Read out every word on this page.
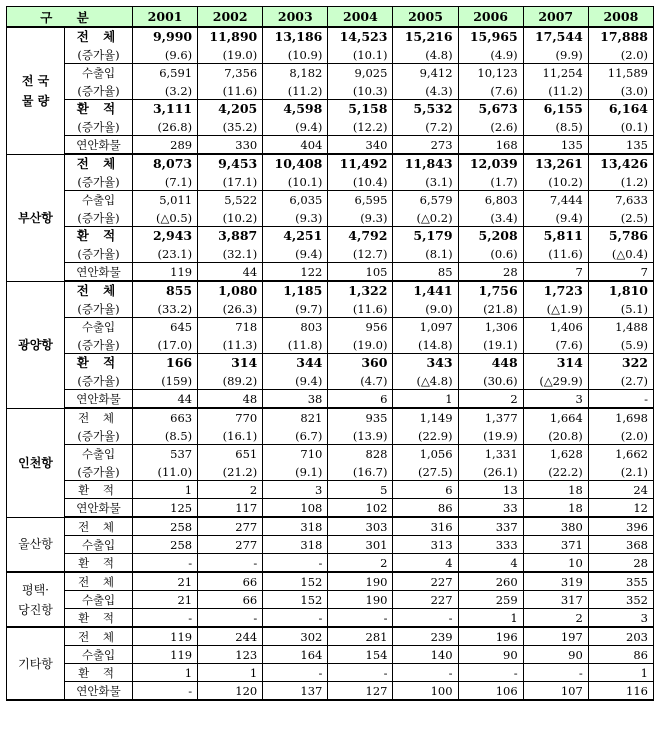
구 분		2001	2002	2003	2004	2005	2006	2007	2008
전 국
물 량	전 체	9,990	11,890	13,186	14,523	15,216	15,965	17,544	17,888
	(증가율)	(9.6)	(19.0)	(10.9)	(10.1)	(4.8)	(4.9)	(9.9)	(2.0)
	수출입	6,591	7,356	8,182	9,025	9,412	10,123	11,254	11,589
	(증가율)	(3.2)	(11.6)	(11.2)	(10.3)	(4.3)	(7.6)	(11.2)	(3.0)
	환 적	3,111	4,205	4,598	5,158	5,532	5,673	6,155	6,164
	(증가율)	(26.8)	(35.2)	(9.4)	(12.2)	(7.2)	(2.6)	(8.5)	(0.1)
	연안화물	289	330	404	340	273	168	135	135
부산항	전 체	8,073	9,453	10,408	11,492	11,843	12,039	13,261	13,426
	(증가율)	(7.1)	(17.1)	(10.1)	(10.4)	(3.1)	(1.7)	(10.2)	(1.2)
	수출입	5,011	5,522	6,035	6,595	6,579	6,803	7,444	7,633
	(증가율)	(△0.5)	(10.2)	(9.3)	(9.3)	(△0.2)	(3.4)	(9.4)	(2.5)
	환 적	2,943	3,887	4,251	4,792	5,179	5,208	5,811	5,786
	(증가율)	(23.1)	(32.1)	(9.4)	(12.7)	(8.1)	(0.6)	(11.6)	(△0.4)
	연안화물	119	44	122	105	85	28	7	7
광양항	전 체	855	1,080	1,185	1,322	1,441	1,756	1,723	1,810
	(증가율)	(33.2)	(26.3)	(9.7)	(11.6)	(9.0)	(21.8)	(△1.9)	(5.1)
	수출입	645	718	803	956	1,097	1,306	1,406	1,488
	(증가율)	(17.0)	(11.3)	(11.8)	(19.0)	(14.8)	(19.1)	(7.6)	(5.9)
	환 적	166	314	344	360	343	448	314	322
	(증가율)	(159)	(89.2)	(9.4)	(4.7)	(△4.8)	(30.6)	(△29.9)	(2.7)
	연안화물	44	48	38	6	1	2	3	-
인천항	전 체	663	770	821	935	1,149	1,377	1,664	1,698
	(증가율)	(8.5)	(16.1)	(6.7)	(13.9)	(22.9)	(19.9)	(20.8)	(2.0)
	수출입	537	651	710	828	1,056	1,331	1,628	1,662
	(증가율)	(11.0)	(21.2)	(9.1)	(16.7)	(27.5)	(26.1)	(22.2)	(2.1)
	환 적	1	2	3	5	6	13	18	24
	연안화물	125	117	108	102	86	33	18	12
울산항	전 체	258	277	318	303	316	337	380	396
	수출입	258	277	318	301	313	333	371	368
	환 적	-	-	-	2	4	4	10	28
평택·
당진항	전 체	21	66	152	190	227	260	319	355
	수출입	21	66	152	190	227	259	317	352
	환 적	-	-	-	-	-	1	2	3
기타항	전 체	119	244	302	281	239	196	197	203
	수출입	119	123	164	154	140	90	90	86
	환 적	1	1	-	-	-	-	-	1
	연안화물	-	120	137	127	100	106	107	116
